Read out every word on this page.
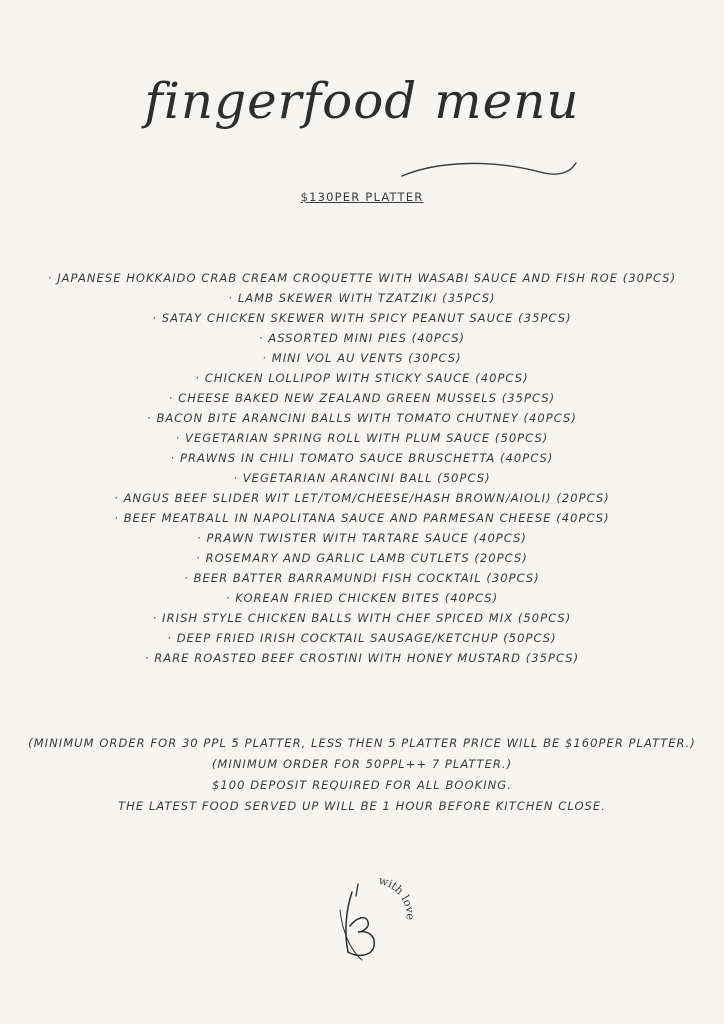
fingerfood menu
$130PER PLATTER
· JAPANESE HOKKAIDO CRAB CREAM CROQUETTE WITH WASABI SAUCE AND FISH ROE (30PCS)
· LAMB SKEWER WITH TZATZIKI (35PCS)
· SATAY CHICKEN SKEWER WITH SPICY PEANUT SAUCE (35PCS)
· ASSORTED MINI PIES (40PCS)
· MINI VOL AU VENTS (30PCS)
· CHICKEN LOLLIPOP WITH STICKY SAUCE (40PCS)
· CHEESE BAKED NEW ZEALAND GREEN MUSSELS (35PCS)
· BACON BITE ARANCINI BALLS WITH TOMATO CHUTNEY (40PCS)
· VEGETARIAN SPRING ROLL WITH PLUM SAUCE (50PCS)
· PRAWNS IN CHILI TOMATO SAUCE BRUSCHETTA (40PCS)
· VEGETARIAN ARANCINI BALL (50PCS)
· ANGUS BEEF SLIDER WIT LET/TOM/CHEESE/HASH BROWN/AIOLI) (20PCS)
· BEEF MEATBALL IN NAPOLITANA SAUCE AND PARMESAN CHEESE (40PCS)
· PRAWN TWISTER WITH TARTARE SAUCE (40PCS)
· ROSEMARY AND GARLIC LAMB CUTLETS (20PCS)
· BEER BATTER BARRAMUNDI FISH COCKTAIL (30PCS)
· KOREAN FRIED CHICKEN BITES (40PCS)
· IRISH STYLE CHICKEN BALLS WITH CHEF SPICED MIX (50PCS)
· DEEP FRIED IRISH COCKTAIL SAUSAGE/KETCHUP (50PCS)
· RARE ROASTED BEEF CROSTINI WITH HONEY MUSTARD (35PCS)
(MINIMUM ORDER FOR 30 PPL 5 PLATTER, LESS THEN 5 PLATTER PRICE WILL BE $160PER PLATTER.)
(MINIMUM ORDER FOR 50PPL++ 7 PLATTER.)
$100 DEPOSIT REQUIRED FOR ALL BOOKING.
THE LATEST FOOD SERVED UP WILL BE 1 HOUR BEFORE KITCHEN CLOSE.
with love
